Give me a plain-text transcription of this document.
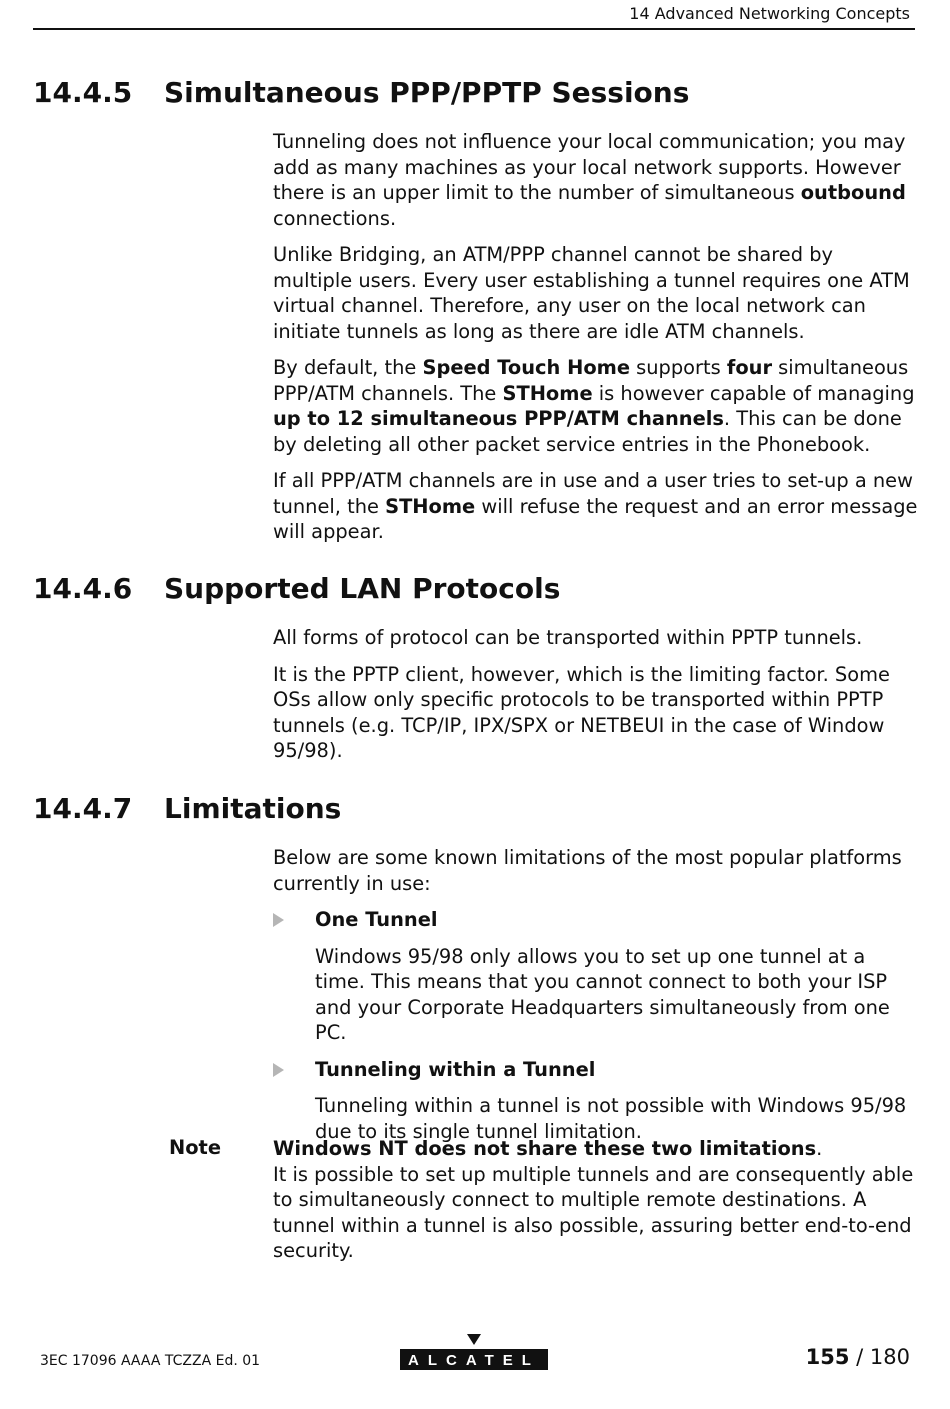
14 Advanced Networking Concepts
14.4.5 Simultaneous PPP/PPTP Sessions

Tunneling does not influence your local communication; you may add as many machines as your local network supports. However there is an upper limit to the number of simultaneous outbound connections.

Unlike Bridging, an ATM/PPP channel cannot be shared by multiple users. Every user establishing a tunnel requires one ATM virtual channel. Therefore, any user on the local network can initiate tunnels as long as there are idle ATM channels.

By default, the Speed Touch Home supports four simultaneous PPP/ATM channels. The STHome is however capable of managing up to 12 simultaneous PPP/ATM channels. This can be done by deleting all other packet service entries in the Phonebook.

If all PPP/ATM channels are in use and a user tries to set-up a new tunnel, the STHome will refuse the request and an error message will appear.

14.4.6 Supported LAN Protocols

All forms of protocol can be transported within PPTP tunnels.

It is the PPTP client, however, which is the limiting factor. Some OSs allow only specific protocols to be transported within PPTP tunnels (e.g. TCP/IP, IPX/SPX or NETBEUI in the case of Window 95/98).

14.4.7 Limitations

Below are some known limitations of the most popular platforms currently in use:

One Tunnel

Windows 95/98 only allows you to set up one tunnel at a time. This means that you cannot connect to both your ISP and your Corporate Headquarters simultaneously from one PC.

Tunneling within a Tunnel

Tunneling within a tunnel is not possible with Windows 95/98 due to its single tunnel limitation.

Note	Windows NT does not share these two limitations.
It is possible to set up multiple tunnels and are consequently able to simultaneously connect to multiple remote destinations. A tunnel within a tunnel is also possible, assuring better end-to-end security.

3EC 17096 AAAA TCZZA Ed. 01	ALCATEL	155 / 180
